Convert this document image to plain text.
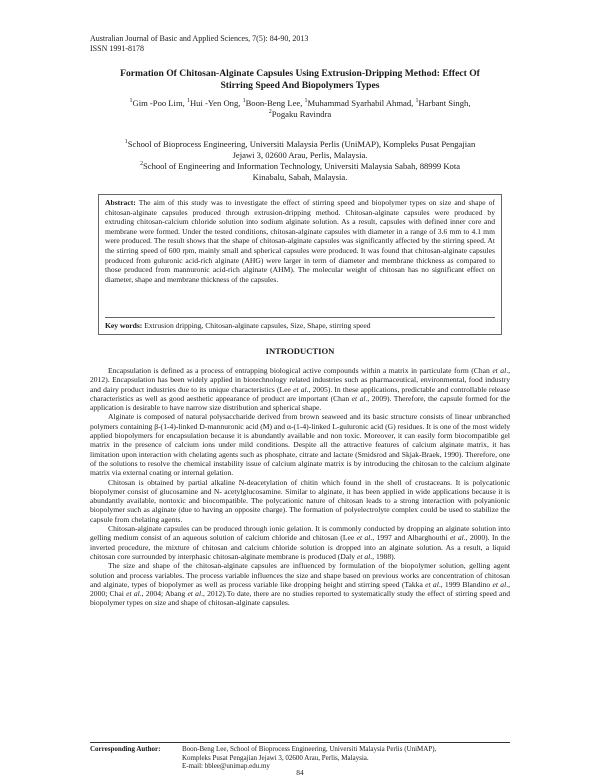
Australian Journal of Basic and Applied Sciences, 7(5): 84-90, 2013
ISSN 1991-8178
Formation Of Chitosan-Alginate Capsules Using Extrusion-Dripping Method: Effect Of
Stirring Speed And Biopolymers Types
$^1$Gim -Poo Lim, $^1$Hui -Yen Ong, $^1$Boon-Beng Lee, $^1$Muhammad Syarhabil Ahmad, $^1$Harbant Singh,
$^2$Pogaku Ravindra
$^1$School of Bioprocess Engineering, Universiti Malaysia Perlis (UniMAP), Kompleks Pusat Pengajian
Jejawi 3, 02600 Arau, Perlis, Malaysia.
$^2$School of Engineering and Information Technology, Universiti Malaysia Sabah, 88999 Kota
Kinabalu, Sabah, Malaysia.
Abstract: The aim of this study was to investigate the effect of stirring speed and biopolymer types on size and shape of chitosan-alginate capsules produced through extrusion-dripping method. Chitosan-alginate capsules were produced by extruding chitosan-calcium chloride solution into sodium alginate solution. As a result, capsules with defined inner core and membrane were formed. Under the tested conditions, chitosan-alginate capsules with diameter in a range of 3.6 mm to 4.1 mm were produced. The result shows that the shape of chitosan-alginate capsules was significantly affected by the stirring speed. At the stirring speed of 600 rpm, mainly small and spherical capsules were produced. It was found that chitosan-alginate capsules produced from guluronic acid-rich alginate (AHG) were larger in term of diameter and membrane thickness as compared to those produced from mannuronic acid-rich alginate (AHM). The molecular weight of chitosan has no significant effect on diameter, shape and membrane thickness of the capsules.
Key words: Extrusion dripping, Chitosan-alginate capsules, Size, Shape, stirring speed
INTRODUCTION

Encapsulation is defined as a process of entrapping biological active compounds within a matrix in particulate form (Chan et al., 2012). Encapsulation has been widely applied in biotechnology related industries such as pharmaceutical, environmental, food industry and dairy product industries due to its unique characteristics (Lee et al., 2005). In these applications, predictable and controllable release characteristics as well as good aesthetic appearance of product are important (Chan et al., 2009). Therefore, the capsule formed for the application is desirable to have narrow size distribution and spherical shape.

Alginate is composed of natural polysaccharide derived from brown seaweed and its basic structure consists of linear unbranched polymers containing β-(1-4)-linked D-mannuronic acid (M) and α-(1-4)-linked L-guluronic acid (G) residues. It is one of the most widely applied biopolymers for encapsulation because it is abundantly available and non toxic. Moreover, it can easily form biocompatible gel matrix in the presence of calcium ions under mild conditions. Despite all the attractive features of calcium alginate matrix, it has limitation upon interaction with chelating agents such as phosphate, citrate and lactate (Smidsrod and Skjak-Braek, 1990). Therefore, one of the solutions to resolve the chemical instability issue of calcium alginate matrix is by introducing the chitosan to the calcium alginate matrix via external coating or internal gelation.

Chitosan is obtained by partial alkaline N-deacetylation of chitin which found in the shell of crustaceans. It is polycationic biopolymer consist of glucosamine and N- acetylglucosamine. Similar to alginate, it has been applied in wide applications because it is abundantly available, nontoxic and biocompatible. The polycationic nature of chitosan leads to a strong interaction with polyanionic biopolymer such as alginate (due to having an opposite charge). The formation of polyelectrolyte complex could be used to stabilize the capsule from chelating agents.

Chitosan-alginate capsules can be produced through ionic gelation. It is commonly conducted by dropping an alginate solution into gelling medium consist of an aqueous solution of calcium chloride and chitosan (Lee et al., 1997 and Albarghouthi et al., 2000). In the inverted procedure, the mixture of chitosan and calcium chloride solution is dropped into an alginate solution. As a result, a liquid chitosan core surrounded by interphasic chitosan-alginate membrane is produced (Daly et al., 1988).

The size and shape of the chitosan-alginate capsules are influenced by formulation of the biopolymer solution, gelling agent solution and process variables. The process variable influences the size and shape based on previous works are concentration of chitosan and alginate, types of biopolymer as well as process variable like dropping height and stirring speed (Takka et al., 1999 Blandino et al., 2000; Chai et al., 2004; Abang et al., 2012).To date, there are no studies reported to systematically study the effect of stirring speed and biopolymer types on size and shape of chitosan-alginate capsules.

Corresponding Author:	Boon-Beng Lee, School of Bioprocess Engineering, Universiti Malaysia Perlis (UniMAP),
Kompleks Pusat Pengajian Jejawi 3, 02600 Arau, Perlis, Malaysia.
E-mail: bblee@unimap.edu.my
84
